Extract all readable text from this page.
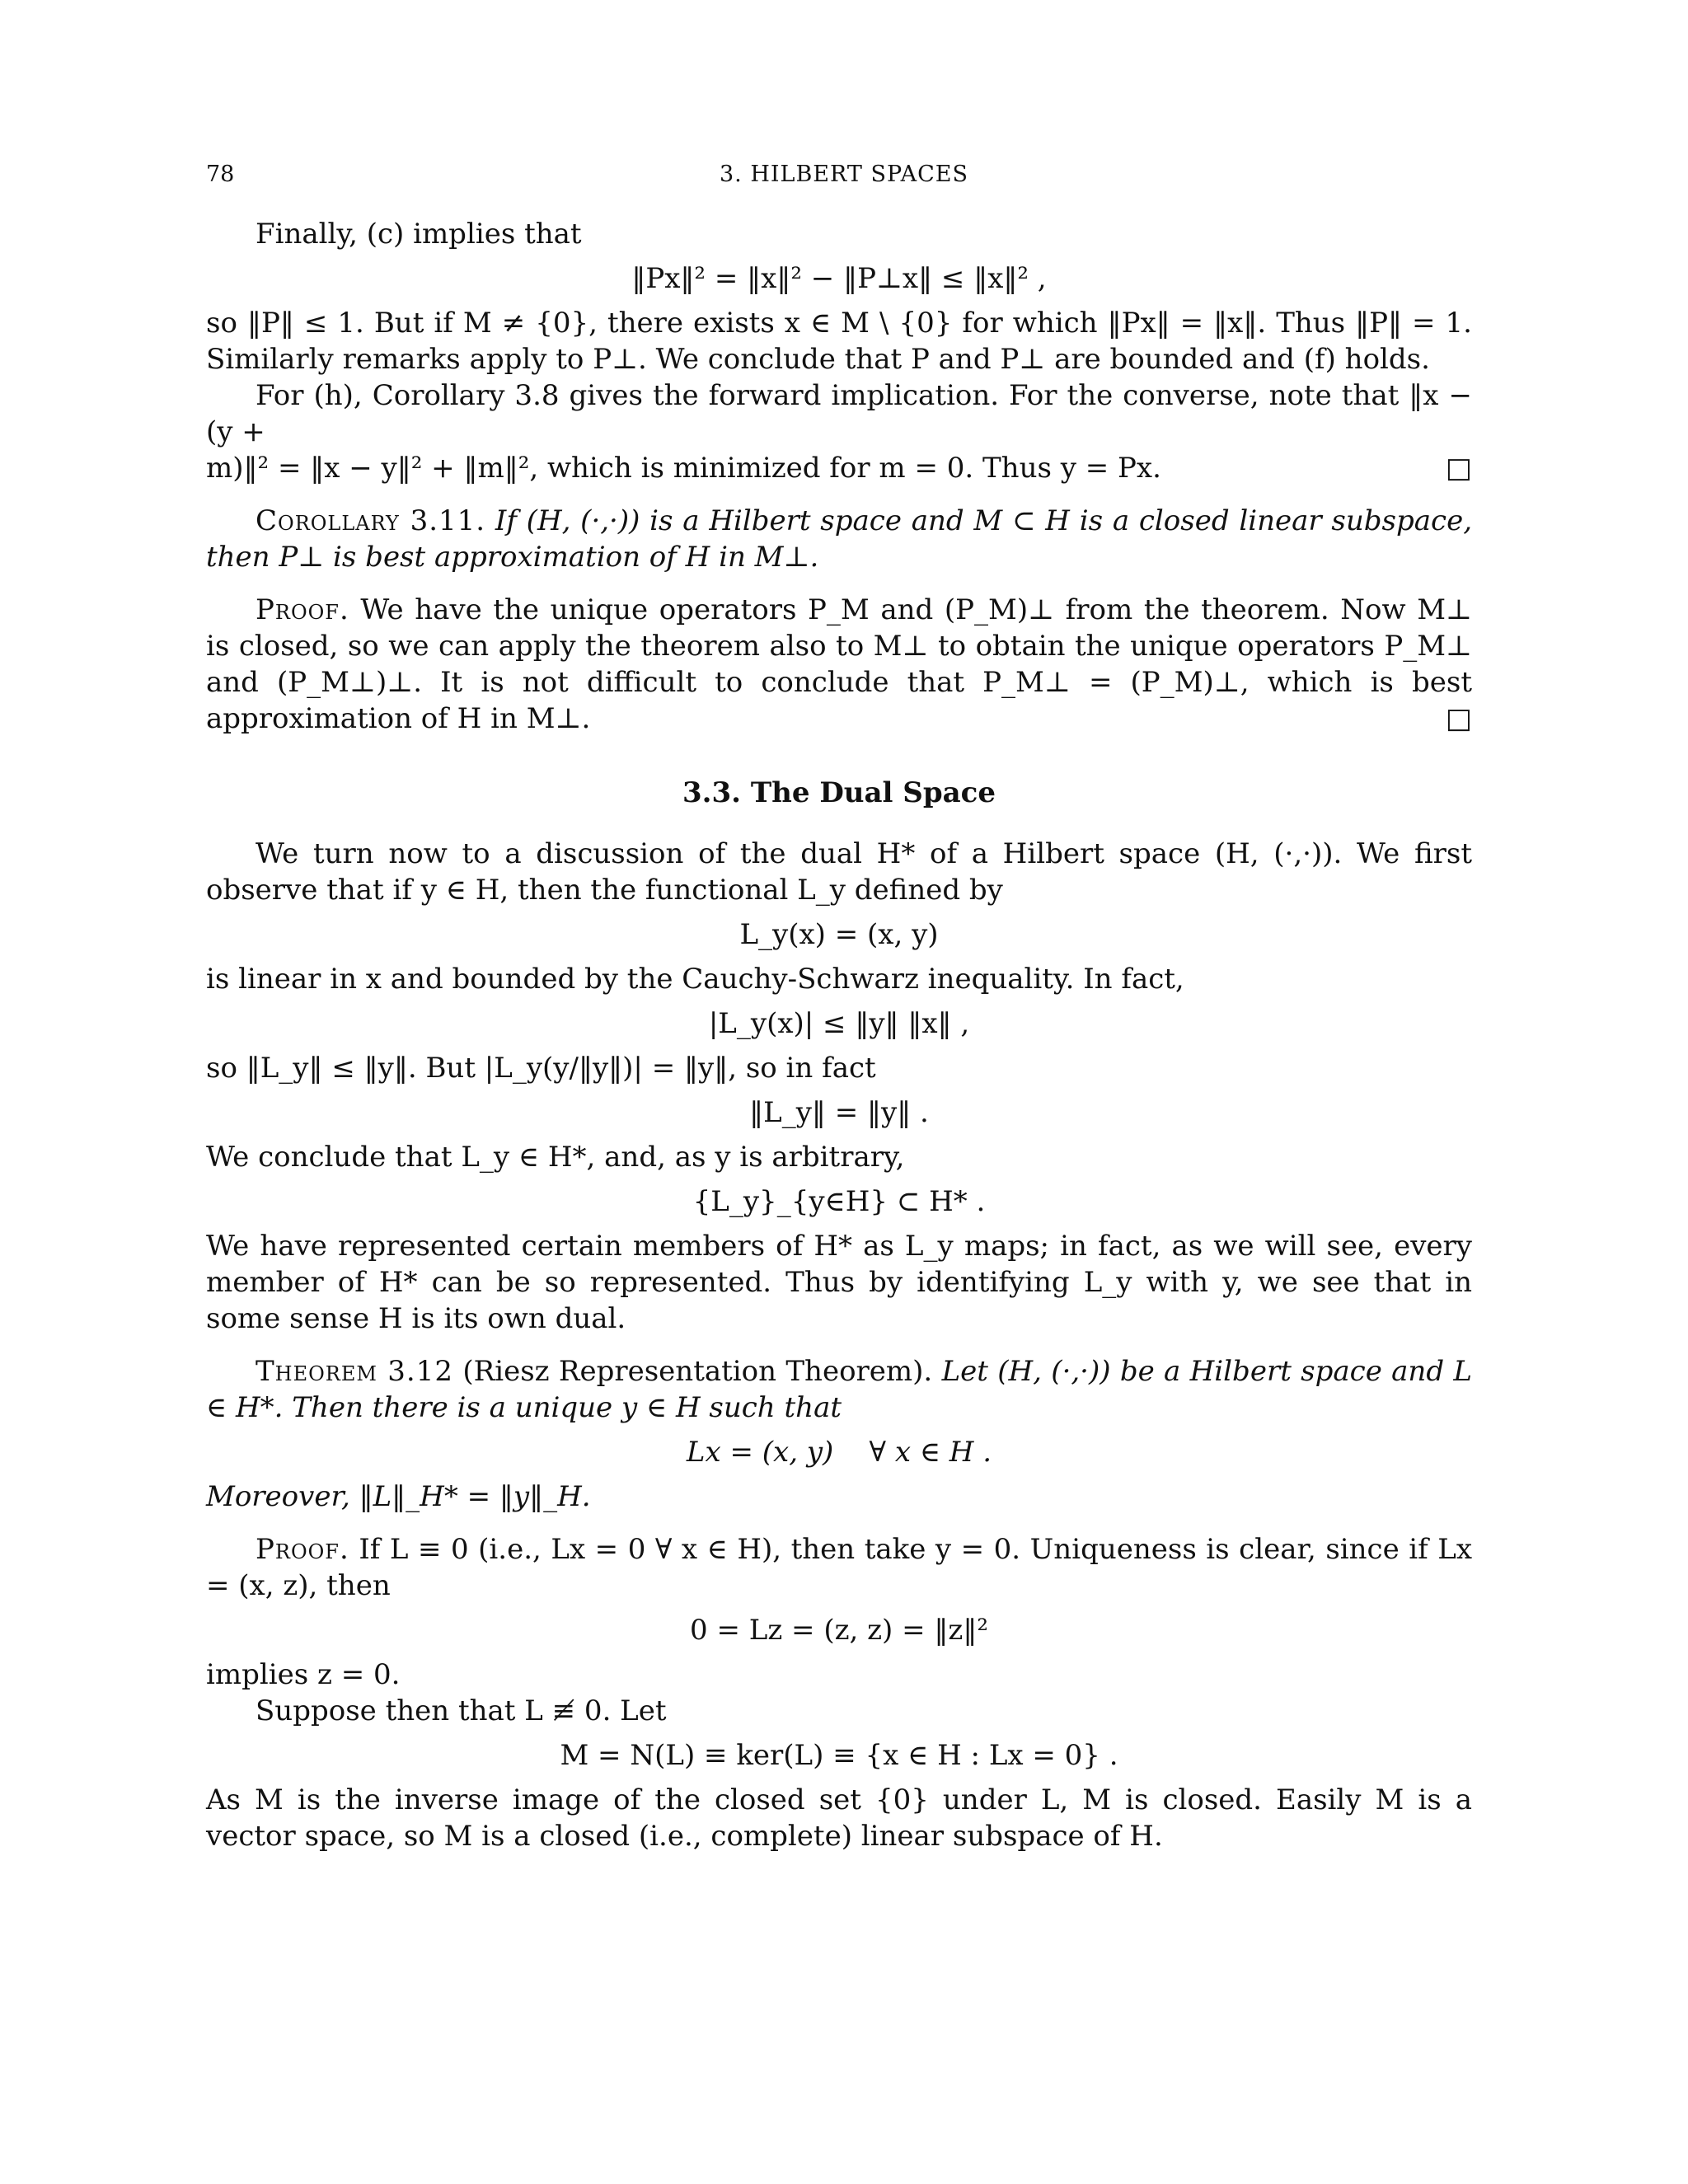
78	3. HILBERT SPACES

Finally, (c) implies that

‖Px‖² = ‖x‖² − ‖P⊥x‖ ≤ ‖x‖² ,

so ‖P‖ ≤ 1. But if M ≠ {0}, there exists x ∈ M \ {0} for which ‖Px‖ = ‖x‖. Thus ‖P‖ = 1. Similarly remarks apply to P⊥. We conclude that P and P⊥ are bounded and (f) holds.

For (h), Corollary 3.8 gives the forward implication. For the converse, note that ‖x − (y +

m)‖² = ‖x − y‖² + ‖m‖², which is minimized for m = 0. Thus y = Px.	□

Corollary 3.11. If (H, (·,·)) is a Hilbert space and M ⊂ H is a closed linear subspace, then P⊥ is best approximation of H in M⊥.

Proof. We have the unique operators P_M and (P_M)⊥ from the theorem. Now M⊥ is closed, so we can apply the theorem also to M⊥ to obtain the unique operators P_M⊥ and (P_M⊥)⊥. It is not difficult to conclude that P_M⊥ = (P_M)⊥, which is best approximation of H in M⊥.	□

3.3. The Dual Space

We turn now to a discussion of the dual H* of a Hilbert space (H, (·,·)). We first observe that if y ∈ H, then the functional L_y defined by

L_y(x) = (x, y)

is linear in x and bounded by the Cauchy-Schwarz inequality. In fact,

|L_y(x)| ≤ ‖y‖ ‖x‖ ,

so ‖L_y‖ ≤ ‖y‖. But |L_y(y/‖y‖)| = ‖y‖, so in fact

‖L_y‖ = ‖y‖ .

We conclude that L_y ∈ H*, and, as y is arbitrary,

{L_y}_{y∈H} ⊂ H* .

We have represented certain members of H* as L_y maps; in fact, as we will see, every member of H* can be so represented. Thus by identifying L_y with y, we see that in some sense H is its own dual.

Theorem 3.12 (Riesz Representation Theorem). Let (H, (·,·)) be a Hilbert space and L ∈ H*. Then there is a unique y ∈ H such that

Lx = (x, y)    ∀ x ∈ H .

Moreover, ‖L‖_H* = ‖y‖_H.

Proof. If L ≡ 0 (i.e., Lx = 0 ∀ x ∈ H), then take y = 0. Uniqueness is clear, since if Lx = (x, z), then

0 = Lz = (z, z) = ‖z‖²

implies z = 0.

Suppose then that L ≢ 0. Let

M = N(L) ≡ ker(L) ≡ {x ∈ H : Lx = 0} .

As M is the inverse image of the closed set {0} under L, M is closed. Easily M is a vector space, so M is a closed (i.e., complete) linear subspace of H.
